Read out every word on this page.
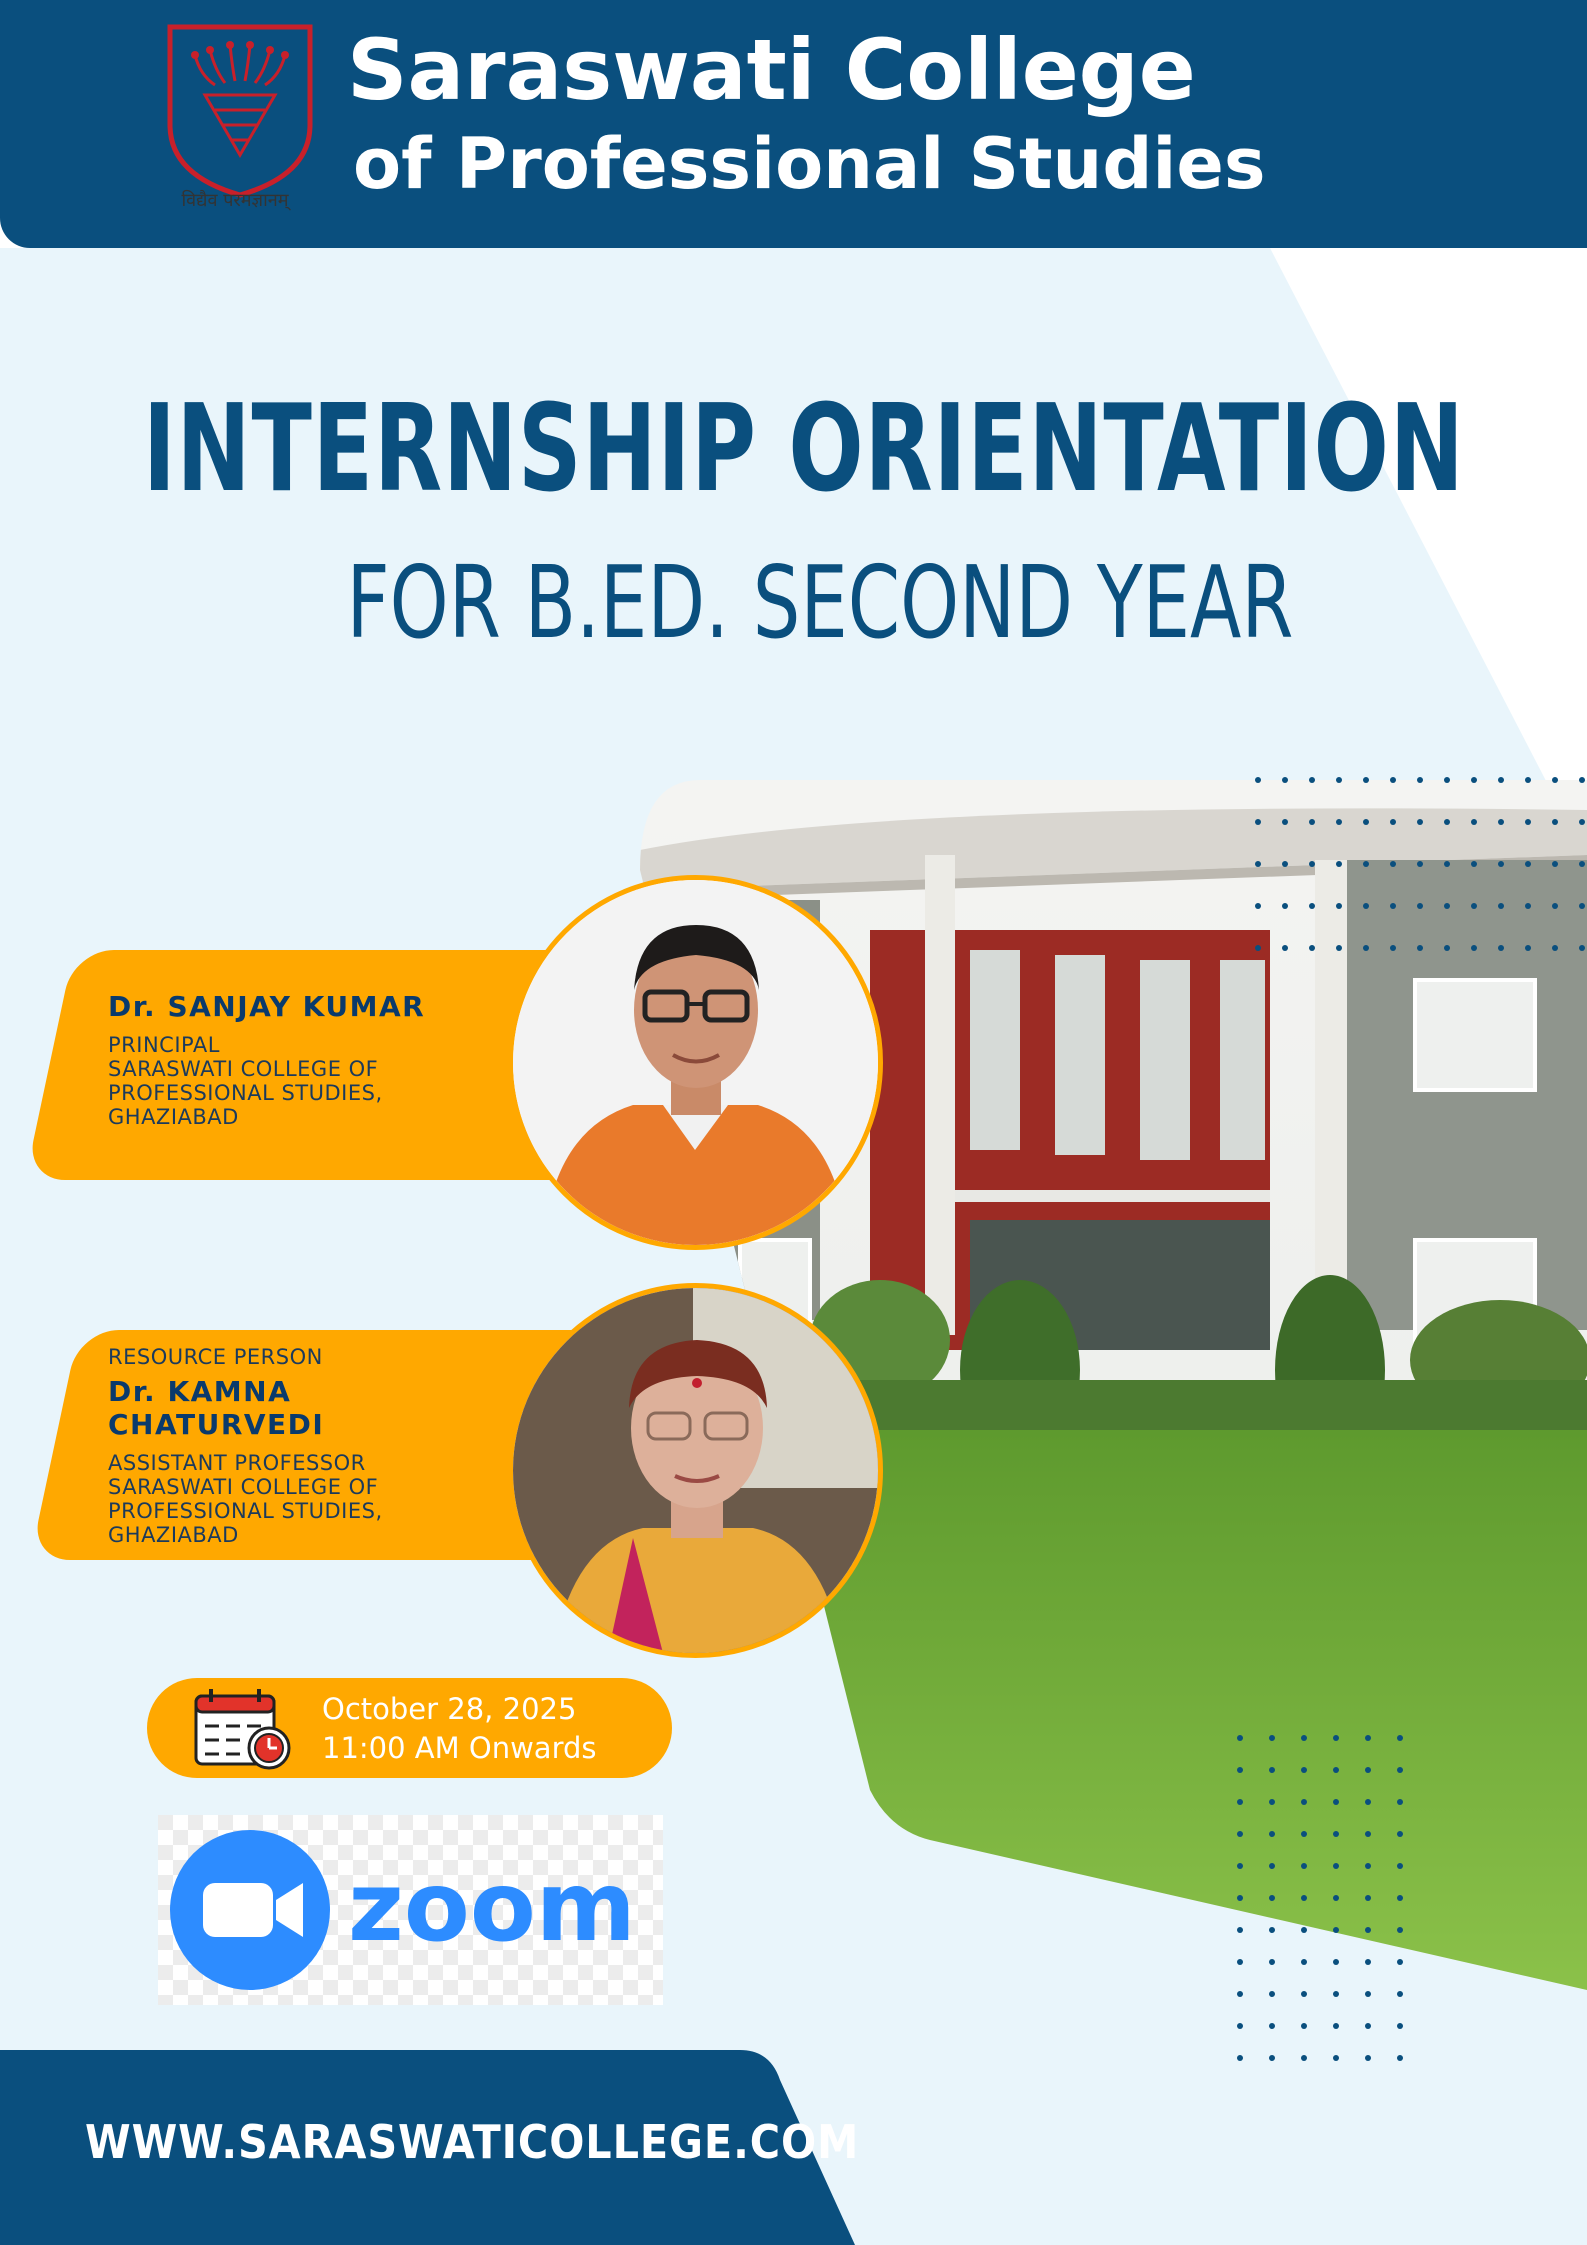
विद्यैव परमज्ञानम्
Saraswati College
of Professional Studies
INTERNSHIP ORIENTATION
FOR B.ED. SECOND YEAR
Dr. SANJAY KUMAR
PRINCIPAL
SARASWATI COLLEGE OF
PROFESSIONAL STUDIES,
GHAZIABAD
RESOURCE PERSON
Dr. KAMNA CHATURVEDI
ASSISTANT PROFESSOR
SARASWATI COLLEGE OF
PROFESSIONAL STUDIES,
GHAZIABAD
October 28, 2025
11:00 AM Onwards
zoom
WWW.SARASWATICOLLEGE.COM
